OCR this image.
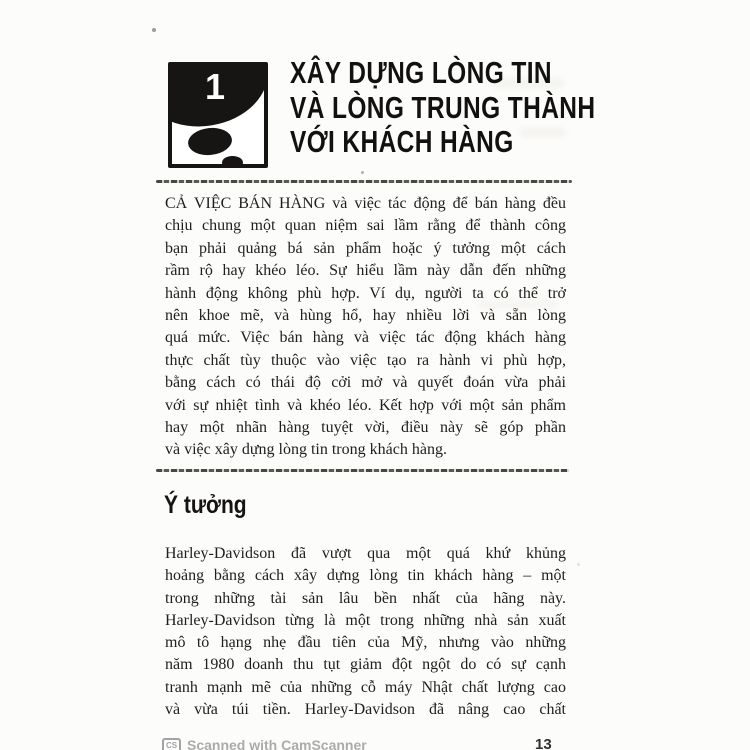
1 XÂY DỰNG LÒNG TIN
VÀ LÒNG TRUNG THÀNH
VỚI KHÁCH HÀNG
CẢ VIỆC BÁN HÀNG và việc tác động để bán hàng đều
chịu chung một quan niệm sai lầm rằng để thành công
bạn phải quảng bá sản phẩm hoặc ý tưởng một cách
rầm rộ hay khéo léo. Sự hiểu lầm này dẫn đến những
hành động không phù hợp. Ví dụ, người ta có thể trở
nên khoe mẽ, và hùng hổ, hay nhiều lời và sẵn lòng
quá mức. Việc bán hàng và việc tác động khách hàng
thực chất tùy thuộc vào việc tạo ra hành vi phù hợp,
bằng cách có thái độ cởi mở và quyết đoán vừa phải
với sự nhiệt tình và khéo léo. Kết hợp với một sản phẩm
hay một nhãn hàng tuyệt vời, điều này sẽ góp phần
và việc xây dựng lòng tin trong khách hàng.
Ý tưởng
Harley-Davidson đã vượt qua một quá khứ khủng
hoảng bằng cách xây dựng lòng tin khách hàng – một
trong những tài sản lâu bền nhất của hãng này.
Harley-Davidson từng là một trong những nhà sản xuất
mô tô hạng nhẹ đầu tiên của Mỹ, nhưng vào những
năm 1980 doanh thu tụt giảm đột ngột do có sự cạnh
tranh mạnh mẽ của những cỗ máy Nhật chất lượng cao
và vừa túi tiền. Harley-Davidson đã nâng cao chất
CS Scanned with CamScanner	13
